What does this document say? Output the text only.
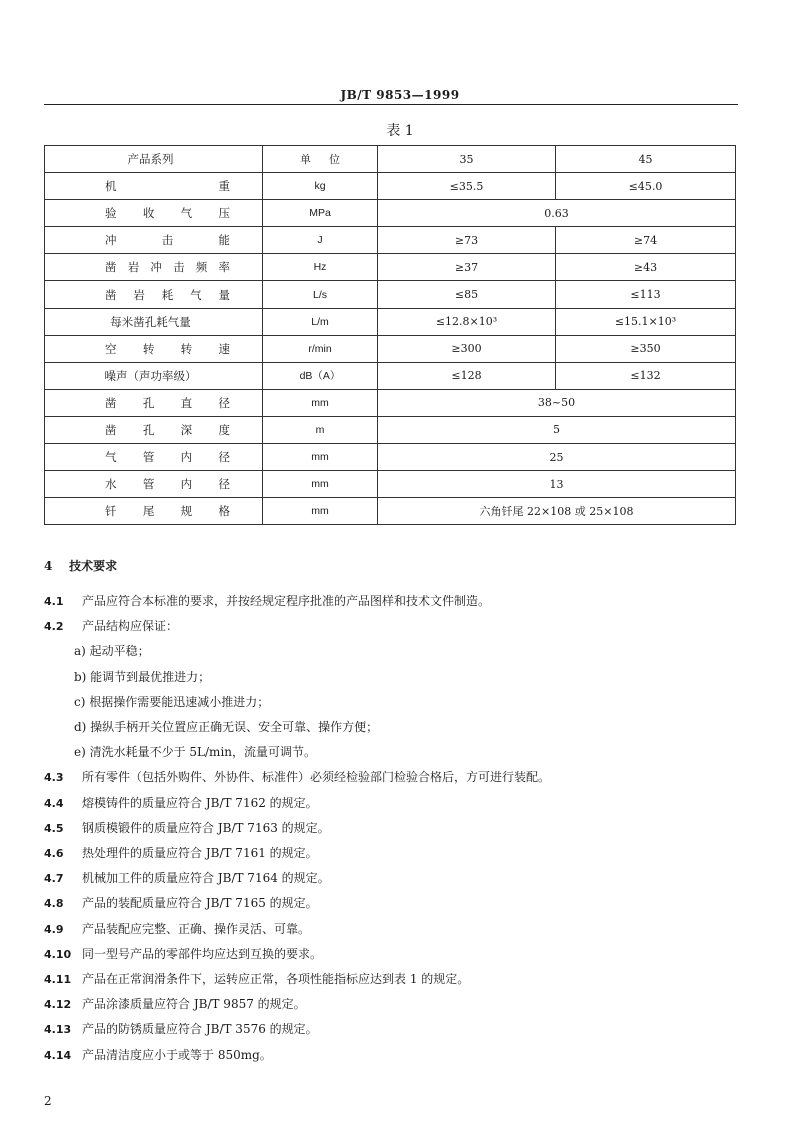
JB/T 9853—1999
表 1
产品系列	单位	35	45
机　　重	kg	≤35.5	≤45.0
验收气压	MPa	0.63	
冲击能	J	≥73	≥74
凿岩冲击频率	Hz	≥37	≥43
凿岩耗气量	L/s	≤85	≤113
每米凿孔耗气量	L/m	≤12.8×10³	≤15.1×10³
空转转速	r/min	≥300	≥350
噪声（声功率级）	dB（A）	≤128	≤132
凿孔直径	mm	38~50	
凿孔深度	m	5	
气管内径	mm	25	
水管内径	mm	13	
钎尾规格	mm	六角钎尾 22×108 或 25×108	
4 技术要求
4.1 产品应符合本标准的要求，并按经规定程序批准的产品图样和技术文件制造。
4.2 产品结构应保证：
a) 起动平稳；
b) 能调节到最优推进力；
c) 根据操作需要能迅速减小推进力；
d) 操纵手柄开关位置应正确无误、安全可靠、操作方便；
e) 清洗水耗量不少于 5L/min，流量可调节。
4.3 所有零件（包括外购件、外协件、标准件）必须经检验部门检验合格后，方可进行装配。
4.4 熔模铸件的质量应符合 JB/T 7162 的规定。
4.5 钢质模锻件的质量应符合 JB/T 7163 的规定。
4.6 热处理件的质量应符合 JB/T 7161 的规定。
4.7 机械加工件的质量应符合 JB/T 7164 的规定。
4.8 产品的装配质量应符合 JB/T 7165 的规定。
4.9 产品装配应完整、正确、操作灵活、可靠。
4.10 同一型号产品的零部件均应达到互换的要求。
4.11 产品在正常润滑条件下，运转应正常，各项性能指标应达到表 1 的规定。
4.12 产品涂漆质量应符合 JB/T 9857 的规定。
4.13 产品的防锈质量应符合 JB/T 3576 的规定。
4.14 产品清洁度应小于或等于 850mg。
2
